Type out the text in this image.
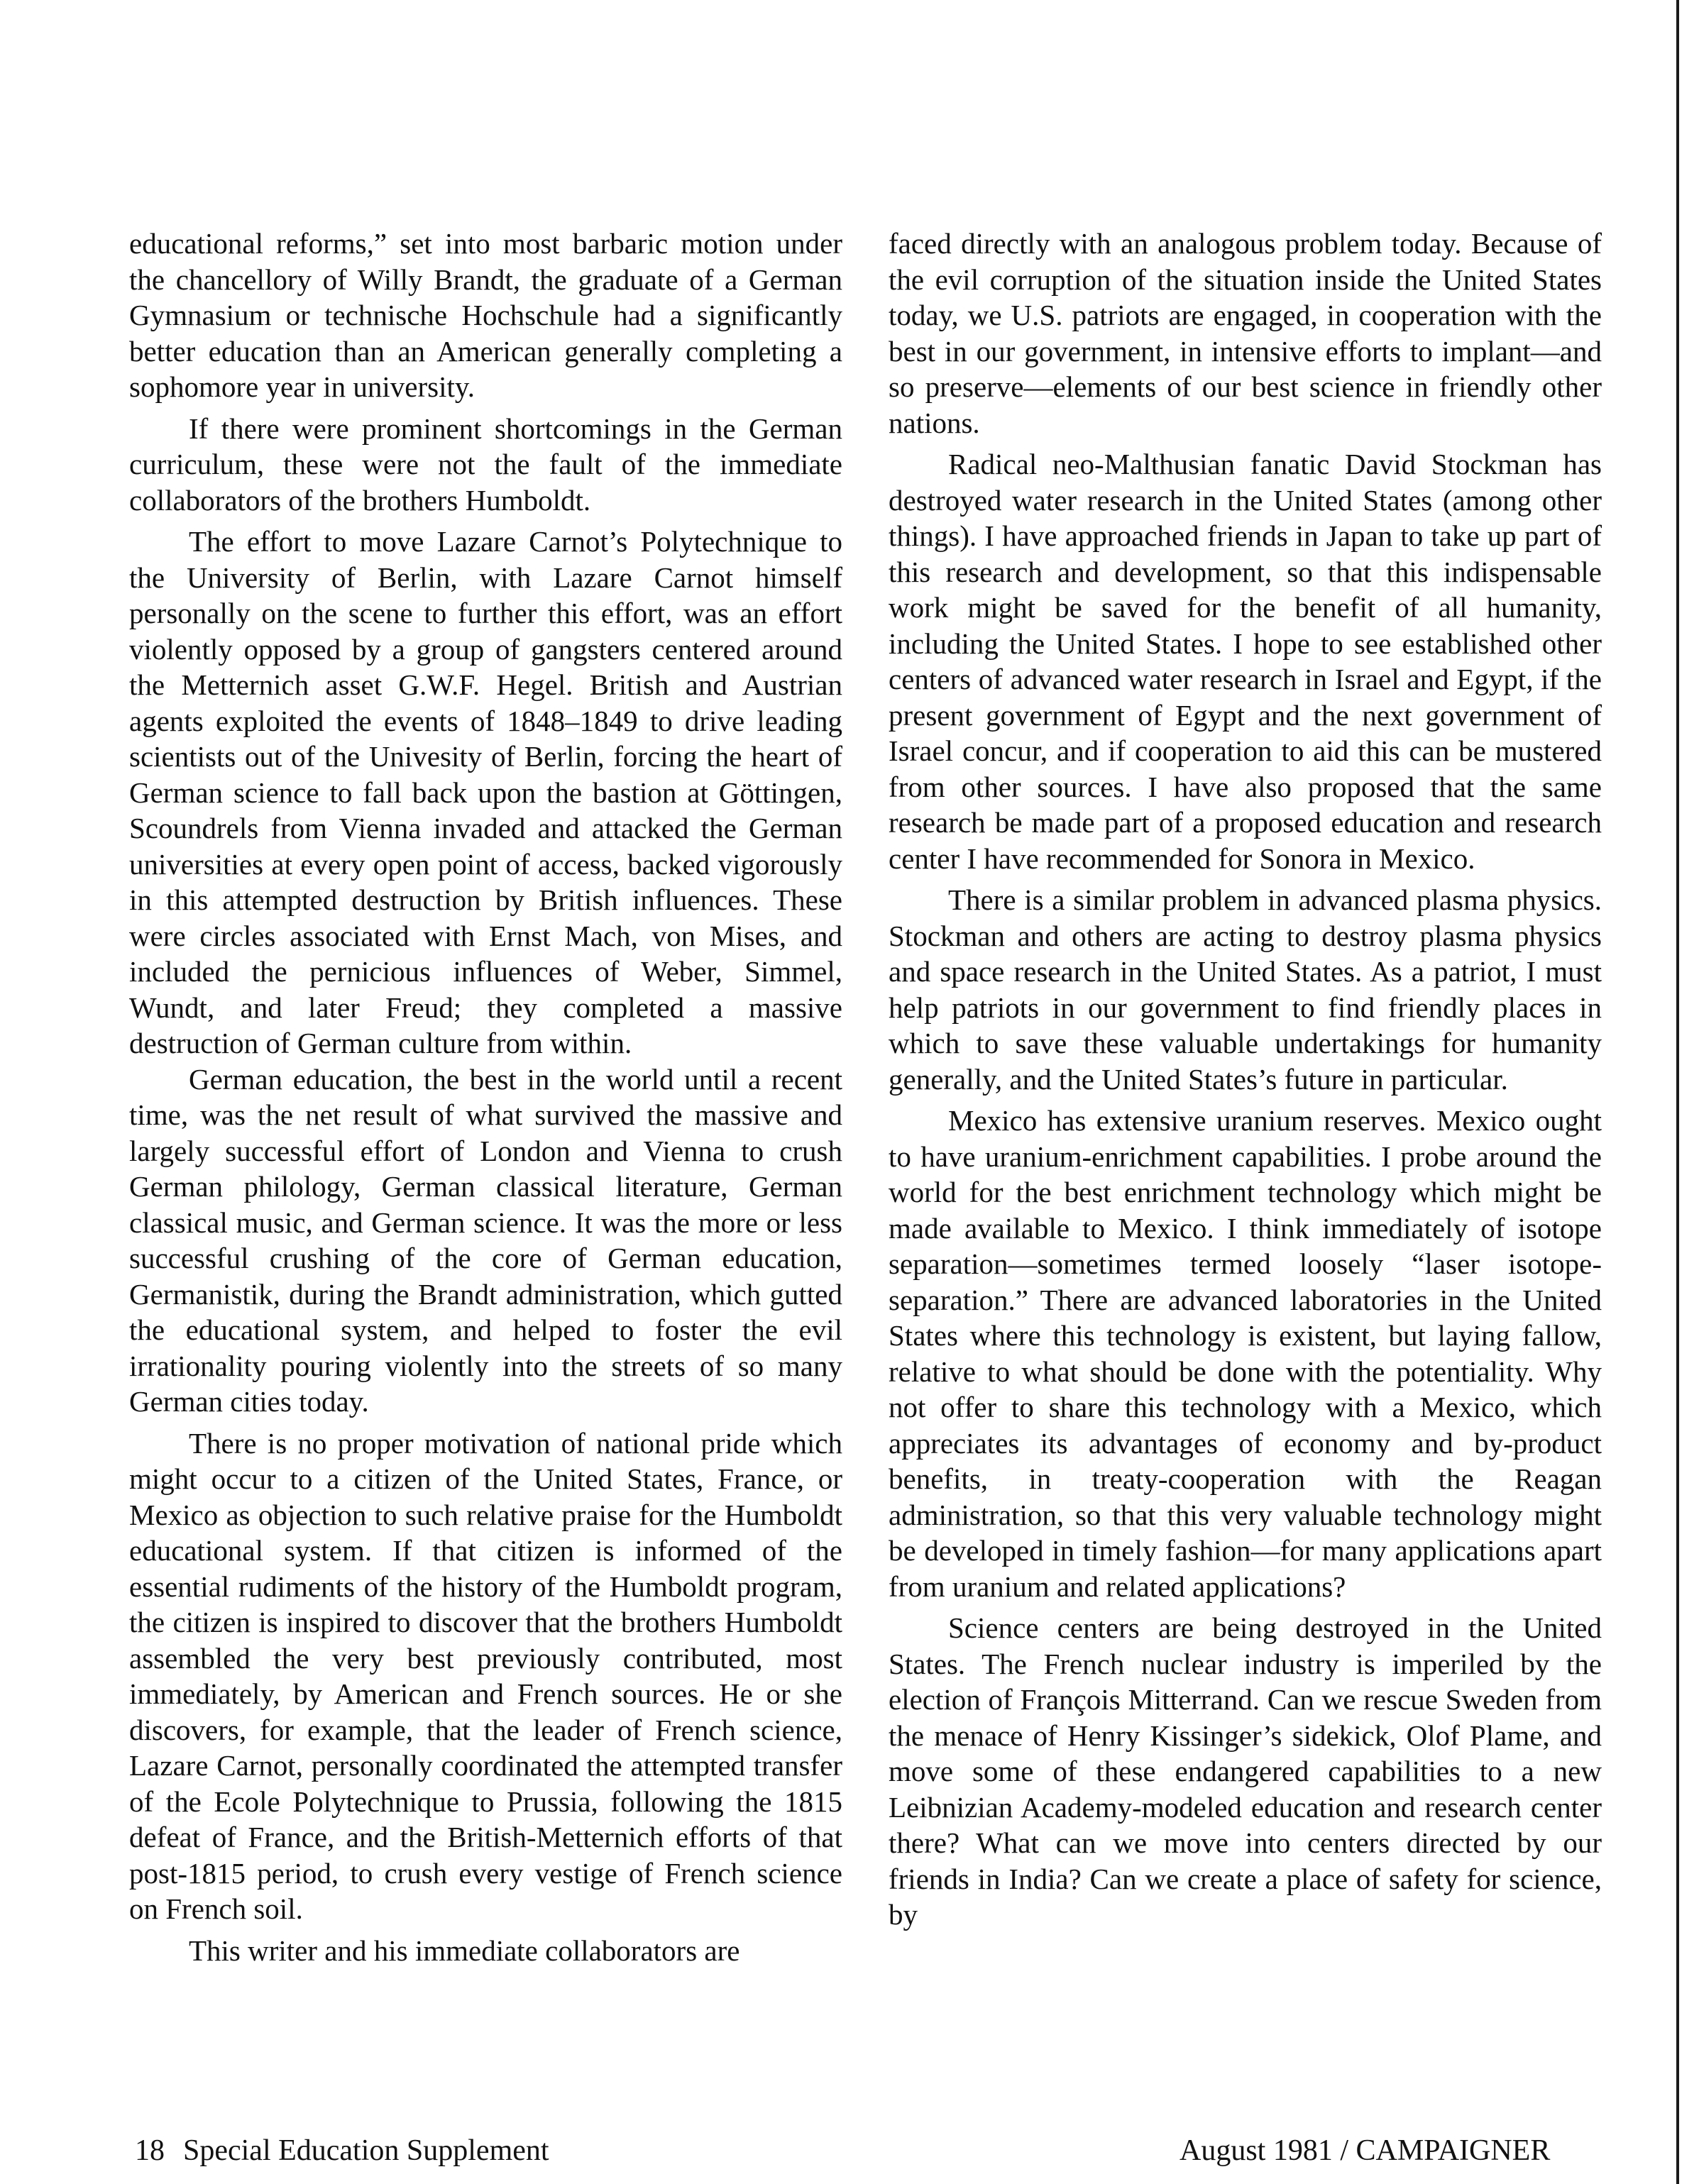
educational reforms,” set into most barbaric motion under the chancellory of Willy Brandt, the graduate of a German Gymnasium or technische Hochschule had a significantly better education than an American generally completing a sophomore year in university.

If there were prominent shortcomings in the German curriculum, these were not the fault of the immediate collaborators of the brothers Humboldt.

The effort to move Lazare Carnot’s Polytechnique to the University of Berlin, with Lazare Carnot himself personally on the scene to further this effort, was an effort violently opposed by a group of gangsters centered around the Metternich asset G.W.F. Hegel. British and Austrian agents exploited the events of 1848–1849 to drive leading scientists out of the Univesity of Berlin, forcing the heart of German science to fall back upon the bastion at Göttingen, Scoundrels from Vienna invaded and attacked the German universities at every open point of access, backed vigorously in this attempted destruction by British influences. These were circles associated with Ernst Mach, von Mises, and included the pernicious influences of Weber, Simmel, Wundt, and later Freud; they completed a massive destruction of German culture from within.

German education, the best in the world until a recent time, was the net result of what survived the massive and largely successful effort of London and Vienna to crush German philology, German classical literature, German classical music, and German science. It was the more or less successful crushing of the core of German education, Germanistik, during the Brandt administration, which gutted the educational system, and helped to foster the evil irrationality pouring violently into the streets of so many German cities today.

There is no proper motivation of national pride which might occur to a citizen of the United States, France, or Mexico as objection to such relative praise for the Humboldt educational system. If that citizen is informed of the essential rudiments of the history of the Humboldt program, the citizen is inspired to discover that the brothers Humboldt assembled the very best previously contributed, most immediately, by American and French sources. He or she discovers, for example, that the leader of French science, Lazare Carnot, personally coordinated the attempted transfer of the Ecole Polytechnique to Prussia, following the 1815 defeat of France, and the British-Metternich efforts of that post-1815 period, to crush every vestige of French science on French soil.

This writer and his immediate collaborators are

faced directly with an analogous problem today. Because of the evil corruption of the situation inside the United States today, we U.S. patriots are engaged, in cooperation with the best in our government, in intensive efforts to implant—and so preserve—elements of our best science in friendly other nations.

Radical neo-Malthusian fanatic David Stockman has destroyed water research in the United States (among other things). I have approached friends in Japan to take up part of this research and development, so that this indispensable work might be saved for the benefit of all humanity, including the United States. I hope to see established other centers of advanced water research in Israel and Egypt, if the present government of Egypt and the next government of Israel concur, and if cooperation to aid this can be mustered from other sources. I have also proposed that the same research be made part of a proposed education and research center I have recommended for Sonora in Mexico.

There is a similar problem in advanced plasma physics. Stockman and others are acting to destroy plasma physics and space research in the United States. As a patriot, I must help patriots in our government to find friendly places in which to save these valuable undertakings for humanity generally, and the United States’s future in particular.

Mexico has extensive uranium reserves. Mexico ought to have uranium-enrichment capabilities. I probe around the world for the best enrichment technology which might be made available to Mexico. I think immediately of isotope separation—sometimes termed loosely “laser isotope-separation.” There are advanced laboratories in the United States where this technology is existent, but laying fallow, relative to what should be done with the potentiality. Why not offer to share this technology with a Mexico, which appreciates its advantages of economy and by-product benefits, in treaty-cooperation with the Reagan administration, so that this very valuable technology might be developed in timely fashion—for many applications apart from uranium and related applications?

Science centers are being destroyed in the United States. The French nuclear industry is imperiled by the election of François Mitterrand. Can we rescue Sweden from the menace of Henry Kissinger’s sidekick, Olof Plame, and move some of these endangered capabilities to a new Leibnizian Academy-modeled education and research center there? What can we move into centers directed by our friends in India? Can we create a place of safety for science, by

18 Special Education Supplement	August 1981 / CAMPAIGNER
